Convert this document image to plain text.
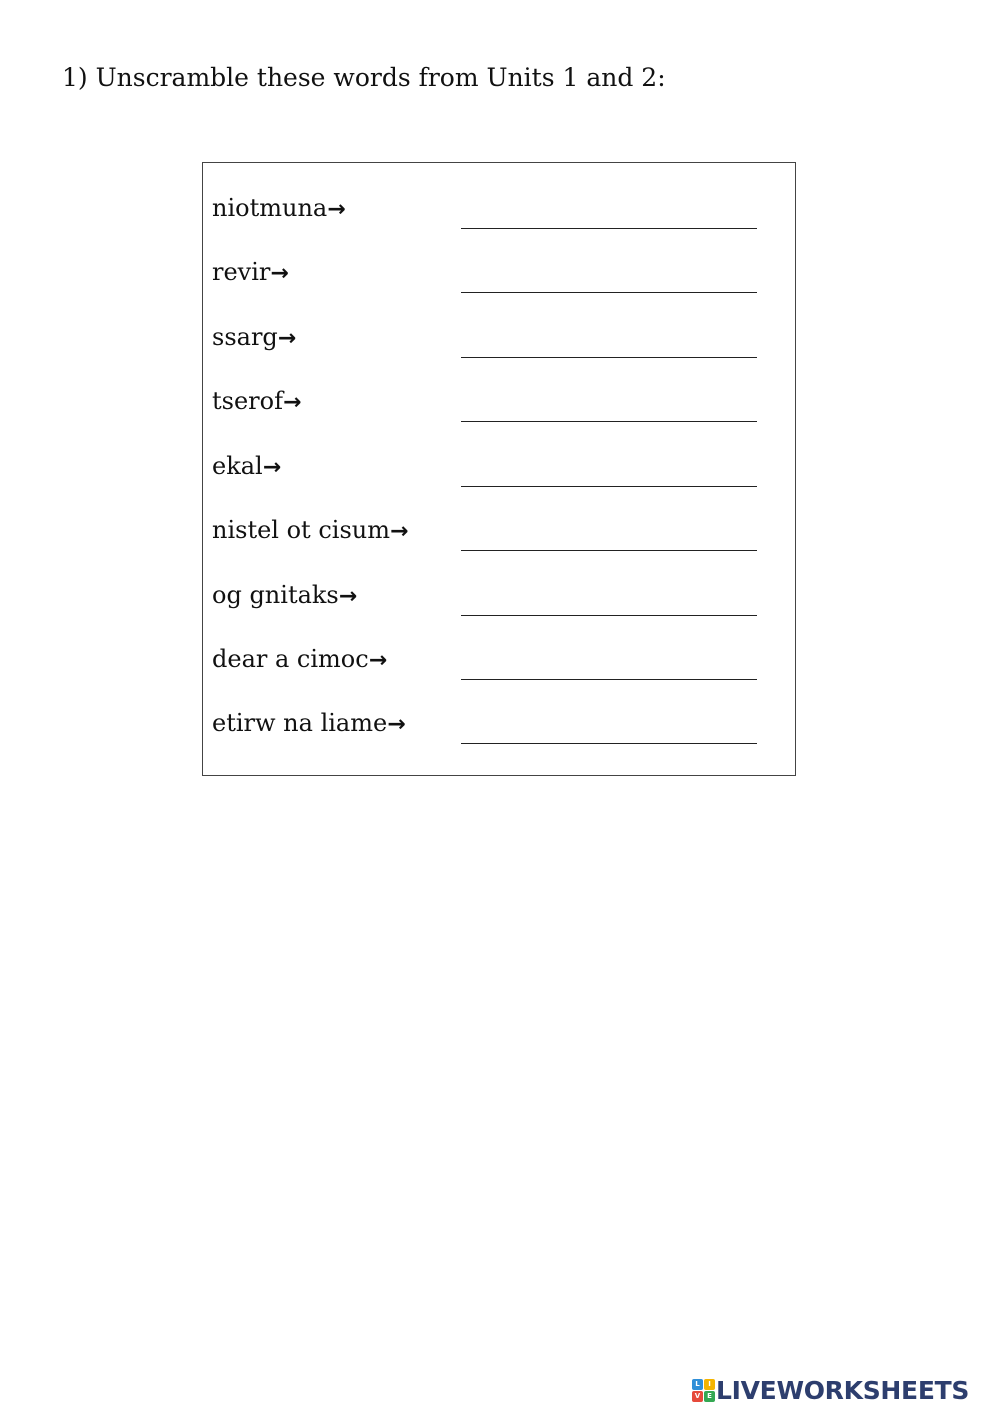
1) Unscramble these words from Units 1 and 2:
niotmuna→
revir→
ssarg→
tserof→
ekal→
nistel ot cisum→
og gnitaks→
dear a cimoc→
etirw na liame→
L	I
V E LIVEWORKSHEETS
